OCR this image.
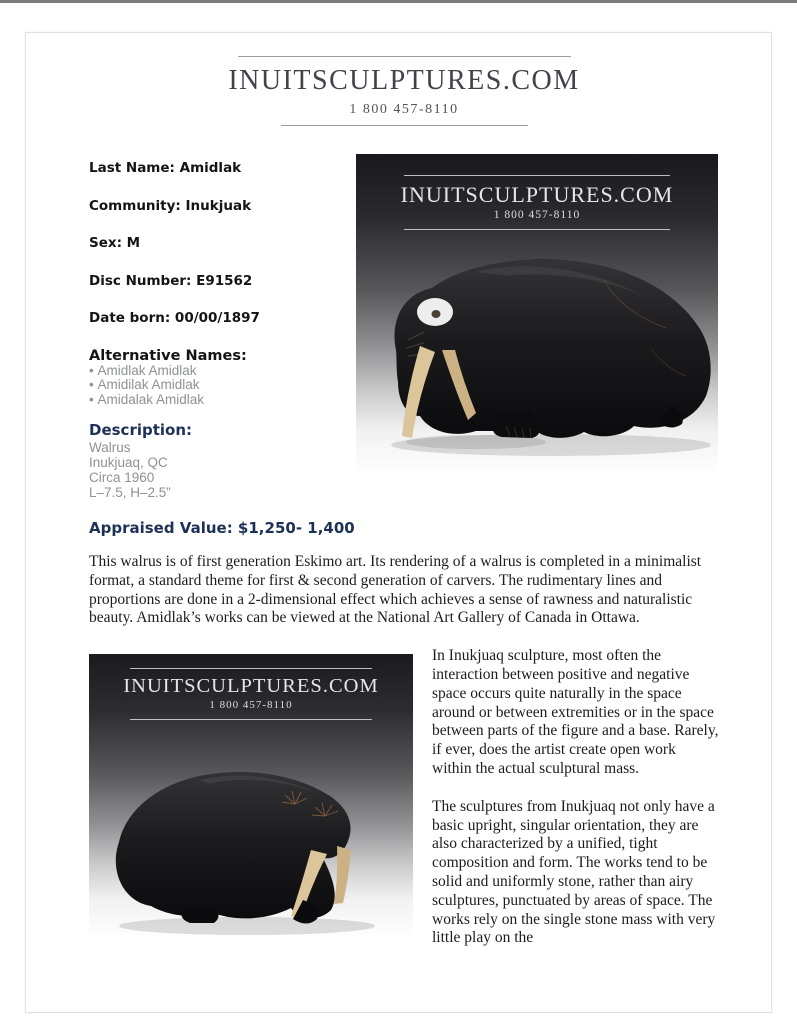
INUITSCULPTURES.COM
1 800 457-8110
Last Name: Amidlak
Community: Inukjuak
Sex: M
Disc Number: E91562
Date born: 00/00/1897
Alternative Names:
• Amidlak Amidlak
• Amidilak Amidlak
• Amidalak Amidlak
Description:
Walrus
Inukjuaq, QC
Circa 1960
L–7.5, H–2.5”
INUITSCULPTURES.COM
1 800 457-8110
Appraised Value: $1,250- 1,400

This walrus is of first generation Eskimo art. Its rendering of a walrus is completed in a minimalist format, a standard theme for first & second generation of carvers. The rudimentary lines and proportions are done in a 2-dimensional effect which achieves a sense of rawness and naturalistic beauty. Amidlak’s works can be viewed at the National Art Gallery of Canada in Ottawa.

INUITSCULPTURES.COM
1 800 457-8110

In Inukjuaq sculpture, most often the interaction between positive and negative space occurs quite naturally in the space around or between extremities or in the space between parts of the figure and a base. Rarely, if ever, does the artist create open work within the actual sculptural mass.

The sculptures from Inukjuaq not only have a basic upright, singular orientation, they are also characterized by a unified, tight composition and form. The works tend to be solid and uniformly stone, rather than airy sculptures, punctuated by areas of space. The works rely on the single stone mass with very little play on the
